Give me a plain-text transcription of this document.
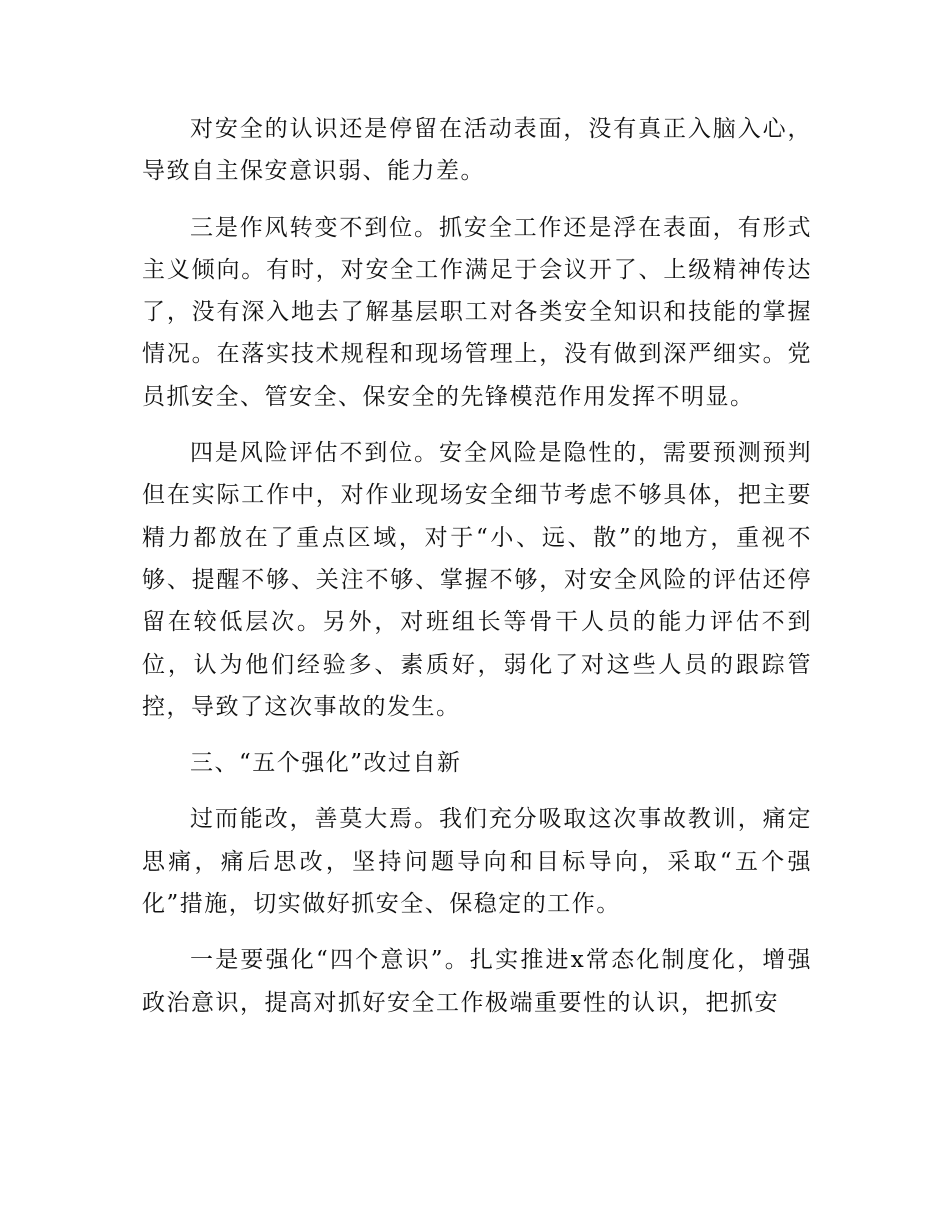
对安全的认识还是停留在活动表面，没有真正入脑入心，导致自主保安意识弱、能力差。

三是作风转变不到位。抓安全工作还是浮在表面，有形式主义倾向。有时，对安全工作满足于会议开了、上级精神传达了，没有深入地去了解基层职工对各类安全知识和技能的掌握情况。在落实技术规程和现场管理上，没有做到深严细实。党员抓安全、管安全、保安全的先锋模范作用发挥不明显。

四是风险评估不到位。安全风险是隐性的，需要预测预判但在实际工作中，对作业现场安全细节考虑不够具体，把主要精力都放在了重点区域，对于“小、远、散”的地方，重视不够、提醒不够、关注不够、掌握不够，对安全风险的评估还停留在较低层次。另外，对班组长等骨干人员的能力评估不到位，认为他们经验多、素质好，弱化了对这些人员的跟踪管控，导致了这次事故的发生。

三、“五个强化”改过自新

过而能改，善莫大焉。我们充分吸取这次事故教训，痛定思痛，痛后思改，坚持问题导向和目标导向，采取“五个强化”措施，切实做好抓安全、保稳定的工作。

一是要强化“四个意识”。扎实推进x常态化制度化，增强政治意识，提高对抓好安全工作极端重要性的认识，把抓安
